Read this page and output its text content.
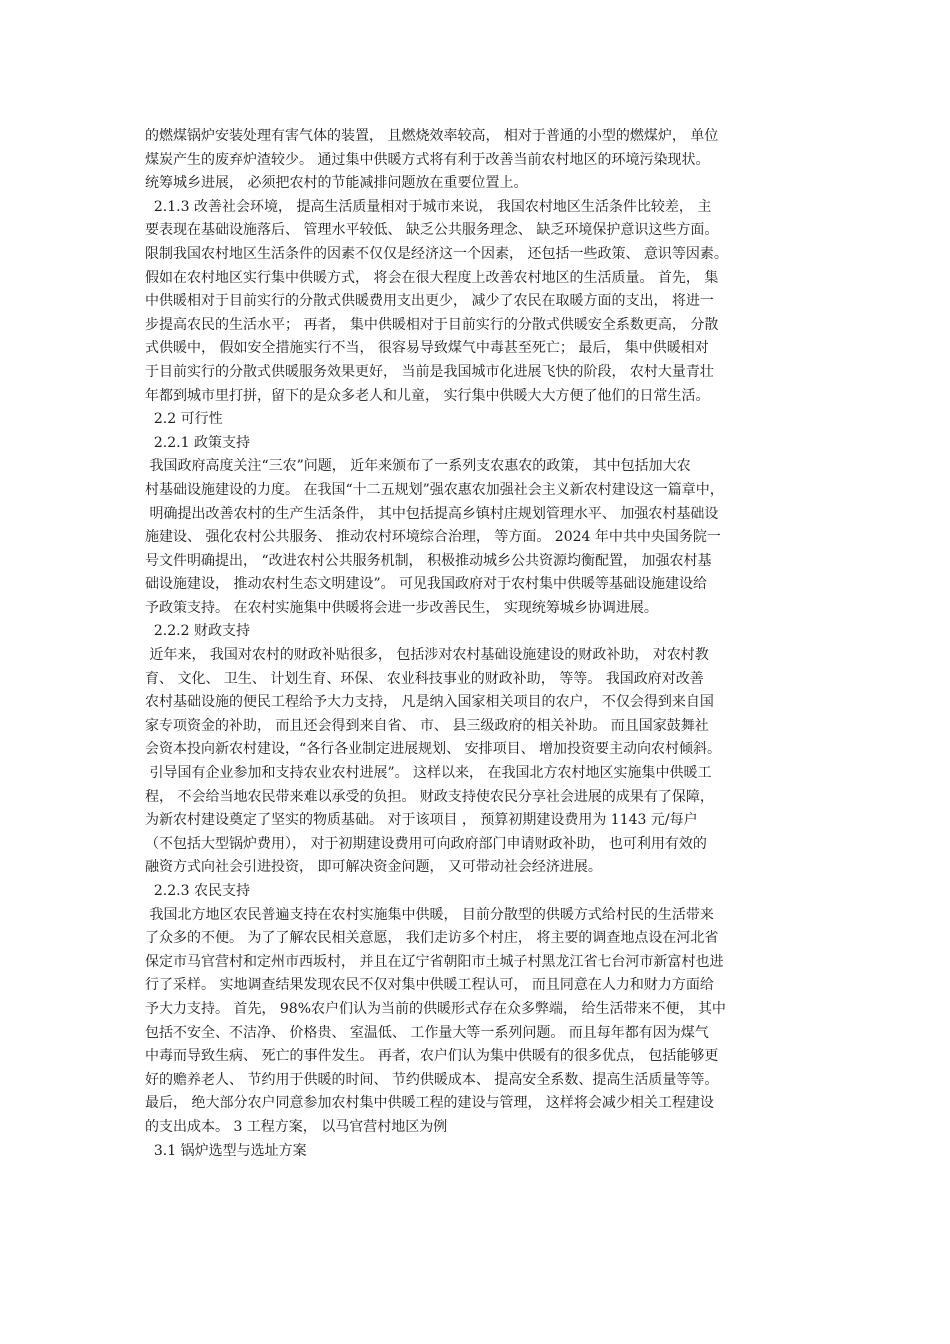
的燃煤锅炉安装处理有害气体的装置， 且燃烧效率较高， 相对于普通的小型的燃煤炉， 单位
煤炭产生的废弃炉渣较少。 通过集中供暖方式将有利于改善当前农村地区的环境污染现状。
统筹城乡进展， 必须把农村的节能减排问题放在重要位置上。
2.1.3 改善社会环境， 提高生活质量相对于城市来说， 我国农村地区生活条件比较差， 主
要表现在基础设施落后、 管理水平较低、 缺乏公共服务理念、 缺乏环境保护意识这些方面。
限制我国农村地区生活条件的因素不仅仅是经济这一个因素， 还包括一些政策、 意识等因素。
假如在农村地区实行集中供暖方式， 将会在很大程度上改善农村地区的生活质量。 首先， 集
中供暖相对于目前实行的分散式供暖费用支出更少， 减少了农民在取暖方面的支出， 将进一
步提高农民的生活水平； 再者， 集中供暖相对于目前实行的分散式供暖安全系数更高， 分散
式供暖中， 假如安全措施实行不当， 很容易导致煤气中毒甚至死亡； 最后， 集中供暖相对
于目前实行的分散式供暖服务效果更好， 当前是我国城市化进展飞快的阶段， 农村大量青壮
年都到城市里打拼，留下的是众多老人和儿童， 实行集中供暖大大方便了他们的日常生活。
2.2 可行性
2.2.1 政策支持
我国政府高度关注“三农”问题， 近年来颁布了一系列支农惠农的政策， 其中包括加大农
村基础设施建设的力度。 在我国“十二五规划”强农惠农加强社会主义新农村建设这一篇章中，
明确提出改善农村的生产生活条件， 其中包括提高乡镇村庄规划管理水平、 加强农村基础设
施建设、 强化农村公共服务、 推动农村环境综合治理， 等方面。 2024 年中共中央国务院一
号文件明确提出， “改进农村公共服务机制， 积极推动城乡公共资源均衡配置， 加强农村基
础设施建设， 推动农村生态文明建设”。 可见我国政府对于农村集中供暖等基础设施建设给
予政策支持。 在农村实施集中供暖将会进一步改善民生， 实现统筹城乡协调进展。
2.2.2 财政支持
近年来， 我国对农村的财政补贴很多， 包括涉对农村基础设施建设的财政补助， 对农村教
育、 文化、 卫生、 计划生育、环保、 农业科技事业的财政补助， 等等。 我国政府对改善
农村基础设施的便民工程给予大力支持， 凡是纳入国家相关项目的农户， 不仅会得到来自国
家专项资金的补助， 而且还会得到来自省、 市、 县三级政府的相关补助。 而且国家鼓舞社
会资本投向新农村建设，“各行各业制定进展规划、 安排项目、 增加投资要主动向农村倾斜。
引导国有企业参加和支持农业农村进展”。 这样以来， 在我国北方农村地区实施集中供暖工
程， 不会给当地农民带来难以承受的负担。 财政支持使农民分享社会进展的成果有了保障，
为新农村建设奠定了坚实的物质基础。 对于该项目 ， 预算初期建设费用为 1143 元/每户
（不包括大型锅炉费用）， 对于初期建设费用可向政府部门申请财政补助， 也可利用有效的
融资方式向社会引进投资， 即可解决资金问题， 又可带动社会经济进展。
2.2.3 农民支持
我国北方地区农民普遍支持在农村实施集中供暖， 目前分散型的供暖方式给村民的生活带来
了众多的不便。 为了了解农民相关意愿， 我们走访多个村庄， 将主要的调查地点设在河北省
保定市马官营村和定州市西坂村， 并且在辽宁省朝阳市土城子村黑龙江省七台河市新富村也进
行了采样。 实地调查结果发现农民不仅对集中供暖工程认可， 而且同意在人力和财力方面给
予大力支持。 首先， 98%农户们认为当前的供暖形式存在众多弊端， 给生活带来不便， 其中
包括不安全、不洁净、 价格贵、 室温低、 工作量大等一系列问题。 而且每年都有因为煤气
中毒而导致生病、 死亡的事件发生。 再者，农户们认为集中供暖有的很多优点， 包括能够更
好的赡养老人、 节约用于供暖的时间、 节约供暖成本、 提高安全系数、提高生活质量等等。
最后， 绝大部分农户同意参加农村集中供暖工程的建设与管理， 这样将会减少相关工程建设
的支出成本。 3 工程方案， 以马官营村地区为例
3.1 锅炉选型与选址方案
